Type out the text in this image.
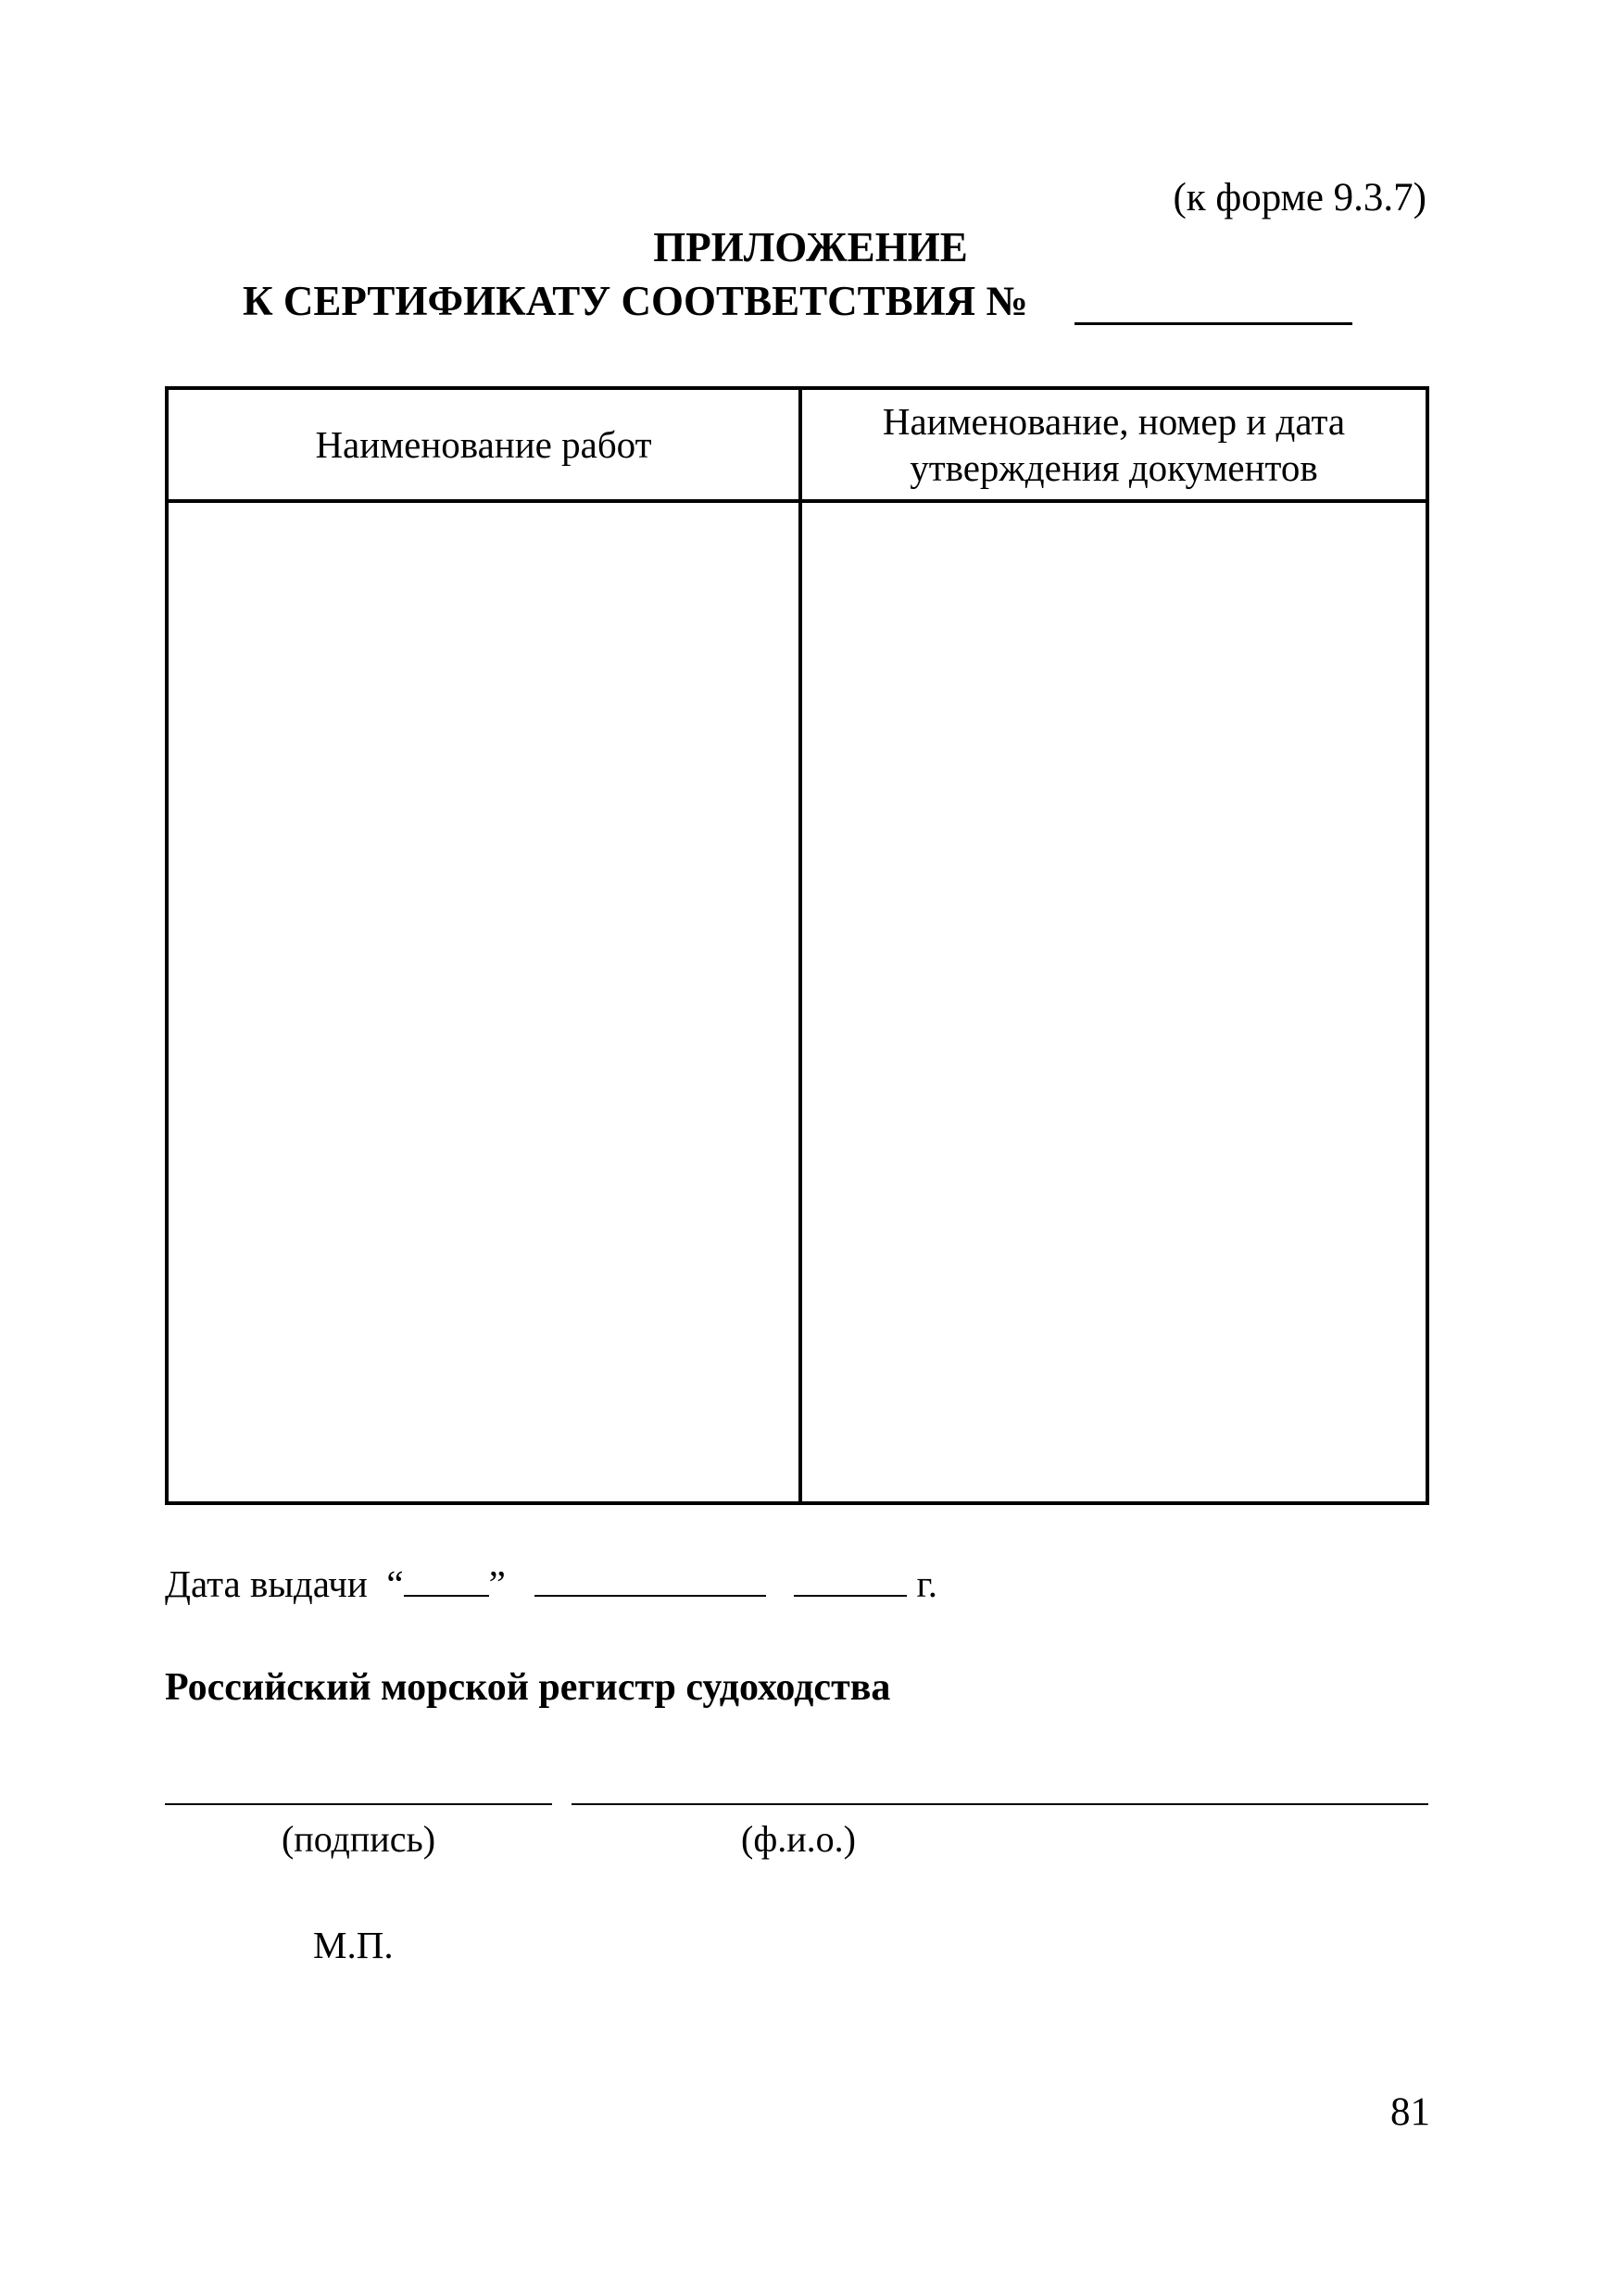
(к форме 9.3.7)
ПРИЛОЖЕНИЕ
К СЕРТИФИКАТУ СООТВЕТСТВИЯ №
Наименование работ
Наименование, номер и дата утверждения документов
Дата выдачи “ ”	г.
Российский морской регистр судоходства
(подпись)	(ф.и.о.)
М.П.
81
